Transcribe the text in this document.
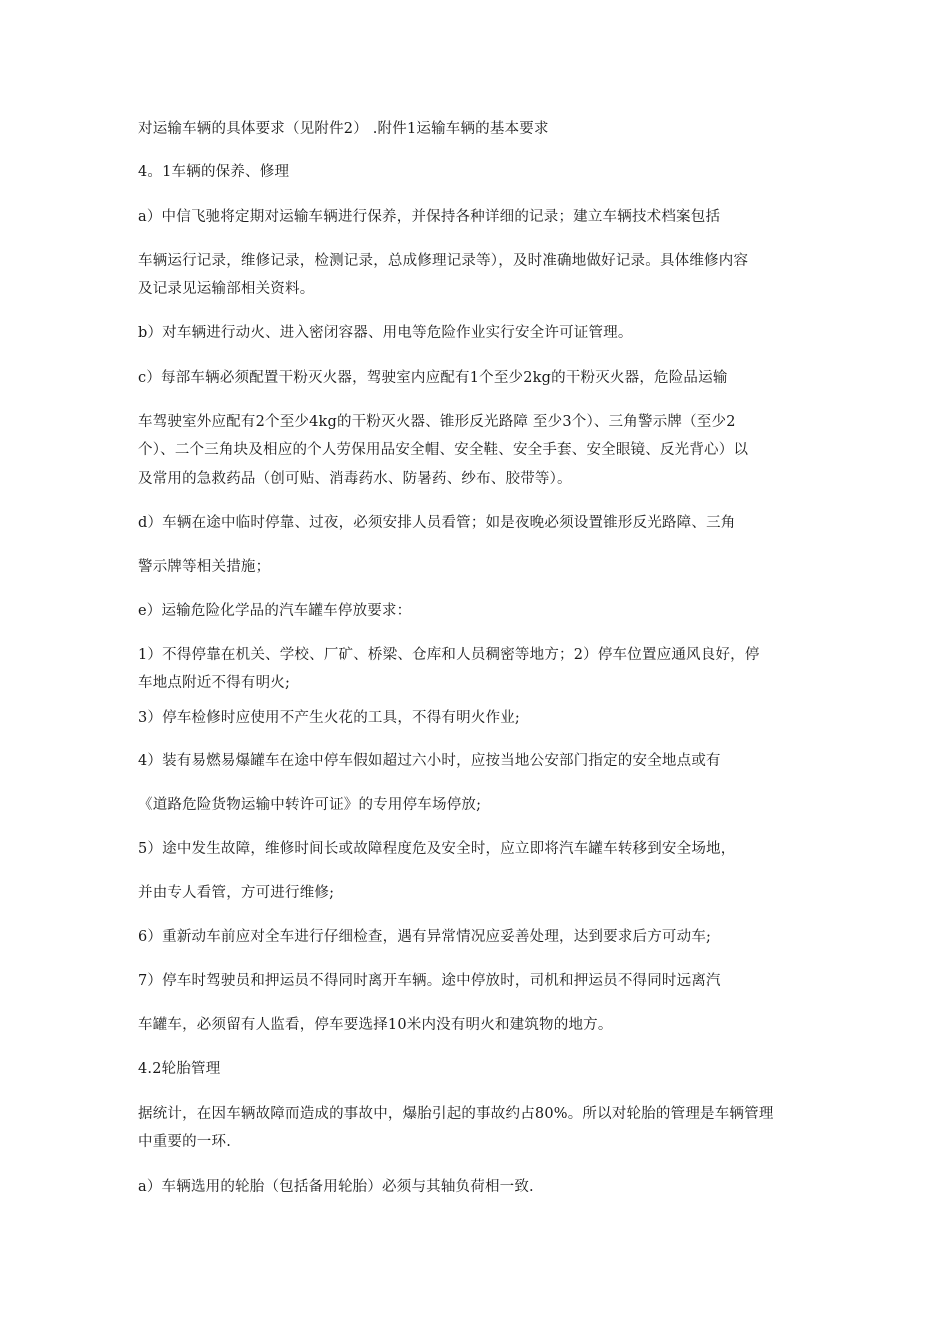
对运输车辆的具体要求（见附件2） .附件1运输车辆的基本要求
4。1车辆的保养、修理
a）中信飞驰将定期对运输车辆进行保养，并保持各种详细的记录；建立车辆技术档案包括
车辆运行记录，维修记录，检测记录，总成修理记录等），及时准确地做好记录。具体维修内容
及记录见运输部相关资料。
b）对车辆进行动火、进入密闭容器、用电等危险作业实行安全许可证管理。
c）每部车辆必须配置干粉灭火器，驾驶室内应配有1个至少2kg的干粉灭火器，危险品运输
车驾驶室外应配有2个至少4kg的干粉灭火器、锥形反光路障 至少3个）、三角警示牌（至少2
个）、二个三角块及相应的个人劳保用品安全帽、安全鞋、安全手套、安全眼镜、反光背心）以
及常用的急救药品（创可贴、消毒药水、防暑药、纱布、胶带等）。
d）车辆在途中临时停靠、过夜，必须安排人员看管；如是夜晚必须设置锥形反光路障、三角
警示牌等相关措施；
e）运输危险化学品的汽车罐车停放要求：
1）不得停靠在机关、学校、厂矿、桥梁、仓库和人员稠密等地方；2）停车位置应通风良好，停
车地点附近不得有明火;
3）停车检修时应使用不产生火花的工具，不得有明火作业;
4）装有易燃易爆罐车在途中停车假如超过六小时，应按当地公安部门指定的安全地点或有
《道路危险货物运输中转许可证》的专用停车场停放;
5）途中发生故障，维修时间长或故障程度危及安全时，应立即将汽车罐车转移到安全场地，
并由专人看管，方可进行维修;
6）重新动车前应对全车进行仔细检查，遇有异常情况应妥善处理，达到要求后方可动车;
7）停车时驾驶员和押运员不得同时离开车辆。途中停放时，司机和押运员不得同时远离汽
车罐车，必须留有人监看，停车要选择10米内没有明火和建筑物的地方。
4.2轮胎管理
据统计，在因车辆故障而造成的事故中，爆胎引起的事故约占80%。所以对轮胎的管理是车辆管理
中重要的一环.
a）车辆选用的轮胎（包括备用轮胎）必须与其轴负荷相一致.
